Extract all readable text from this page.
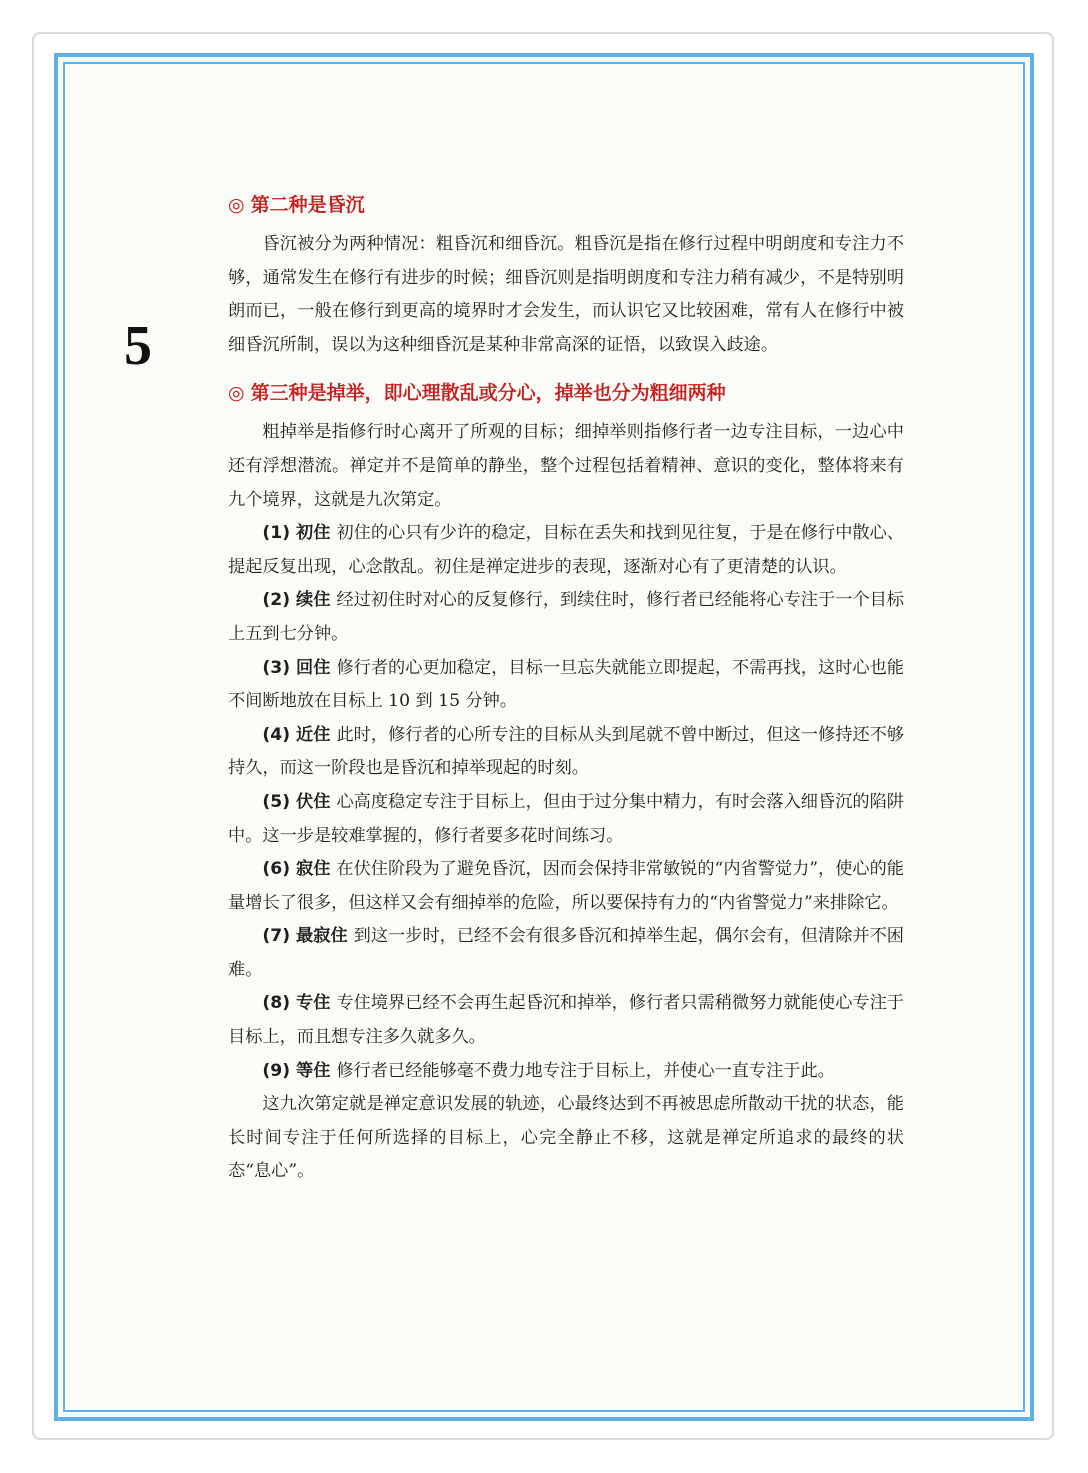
5
◎ 第二种是昏沉

昏沉被分为两种情况：粗昏沉和细昏沉。粗昏沉是指在修行过程中明朗度和专注力不够，通常发生在修行有进步的时候；细昏沉则是指明朗度和专注力稍有减少，不是特别明朗而已，一般在修行到更高的境界时才会发生，而认识它又比较困难，常有人在修行中被细昏沉所制，误以为这种细昏沉是某种非常高深的证悟，以致误入歧途。

◎ 第三种是掉举，即心理散乱或分心，掉举也分为粗细两种

粗掉举是指修行时心离开了所观的目标；细掉举则指修行者一边专注目标，一边心中还有浮想潜流。禅定并不是简单的静坐，整个过程包括着精神、意识的变化，整体将来有九个境界，这就是九次第定。

(1) 初住 初住的心只有少许的稳定，目标在丢失和找到见往复，于是在修行中散心、提起反复出现，心念散乱。初住是禅定进步的表现，逐渐对心有了更清楚的认识。

(2) 续住 经过初住时对心的反复修行，到续住时，修行者已经能将心专注于一个目标上五到七分钟。

(3) 回住 修行者的心更加稳定，目标一旦忘失就能立即提起，不需再找，这时心也能不间断地放在目标上 10 到 15 分钟。

(4) 近住 此时，修行者的心所专注的目标从头到尾就不曾中断过，但这一修持还不够持久，而这一阶段也是昏沉和掉举现起的时刻。

(5) 伏住 心高度稳定专注于目标上，但由于过分集中精力，有时会落入细昏沉的陷阱中。这一步是较难掌握的，修行者要多花时间练习。

(6) 寂住 在伏住阶段为了避免昏沉，因而会保持非常敏锐的“内省警觉力”，使心的能量增长了很多，但这样又会有细掉举的危险，所以要保持有力的“内省警觉力”来排除它。

(7) 最寂住 到这一步时，已经不会有很多昏沉和掉举生起，偶尔会有，但清除并不困难。

(8) 专住 专住境界已经不会再生起昏沉和掉举，修行者只需稍微努力就能使心专注于目标上，而且想专注多久就多久。

(9) 等住 修行者已经能够毫不费力地专注于目标上，并使心一直专注于此。

这九次第定就是禅定意识发展的轨迹，心最终达到不再被思虑所散动干扰的状态，能长时间专注于任何所选择的目标上，心完全静止不移，这就是禅定所追求的最终的状态“息心”。
